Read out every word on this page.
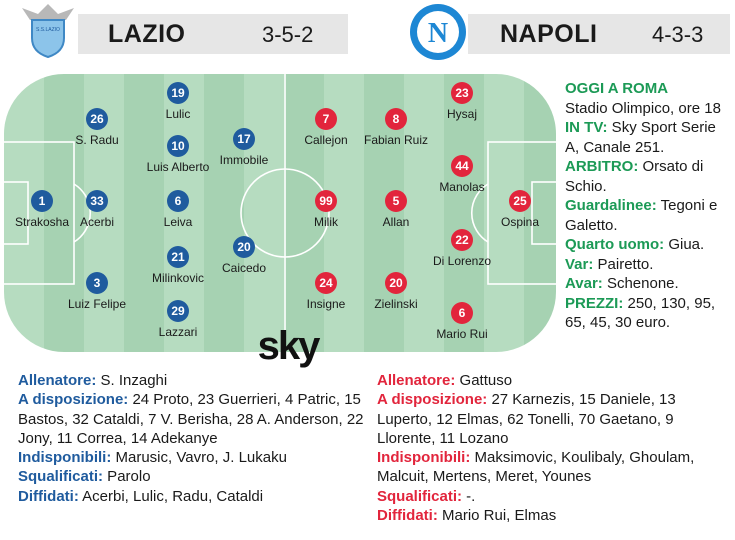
S.S.LAZIO LAZIO	3-5-2	N NAPOLI 4-3-3
1
Strakosha
26
S. Radu
33
Acerbi
3
Luiz Felipe
19
Lulic
10
Luis Alberto
6
Leiva
21
Milinkovic
29
Lazzari
17
Immobile
20
Caicedo
25
Ospina
23
Hysaj
44
Manolas
22
Di Lorenzo
6
Mario Rui
8
Fabian Ruiz
5
Allan
20
Zielinski
7
Callejon
99
Milik
24
Insigne
sky
OGGI A ROMA
Stadio Olimpico, ore 18
IN TV: Sky Sport Serie A, Canale 251.
ARBITRO: Orsato di Schio.
Guardalinee: Tegoni e Galetto.
Quarto uomo: Giua.
Var: Pairetto.
Avar: Schenone.
PREZZI: 250, 130, 95, 65, 45, 30 euro.
Allenatore: S. Inzaghi
A disposizione: 24 Proto, 23 Guerrieri, 4 Patric, 15 Bastos, 32 Cataldi, 7 V. Berisha, 28 A. Anderson, 22 Jony, 11 Correa, 14 Adekanye
Indisponibili: Marusic, Vavro, J. Lukaku
Squalificati: Parolo
Diffidati: Acerbi, Lulic, Radu, Cataldi
Allenatore: Gattuso
A disposizione: 27 Karnezis, 15 Daniele, 13 Luperto, 12 Elmas, 62 Tonelli, 70 Gaetano, 9 Llorente, 11 Lozano
Indisponibili: Maksimovic, Koulibaly, Ghoulam, Malcuit, Mertens, Meret, Younes
Squalificati: -.
Diffidati: Mario Rui, Elmas
